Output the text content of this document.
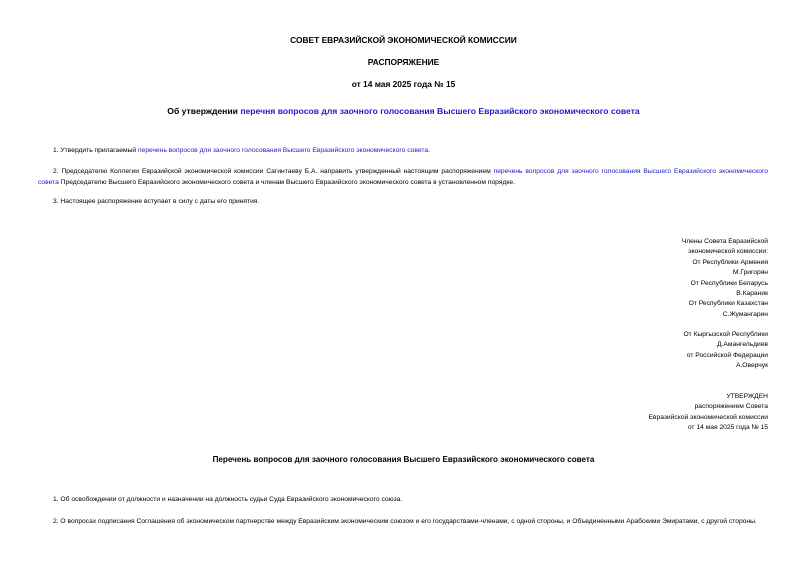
СОВЕТ ЕВРАЗИЙСКОЙ ЭКОНОМИЧЕСКОЙ КОМИССИИ
РАСПОРЯЖЕНИЕ
от 14 мая 2025 года № 15
Об утверждении перечня вопросов для заочного голосования Высшего Евразийского экономического совета
1. Утвердить прилагаемый перечень вопросов для заочного голосования Высшего Евразийского экономического совета.
2. Председателю Коллегии Евразийской экономической комиссии Сагинтаеву Б.А. направить утвержденный настоящим распоряжением перечень вопросов для заочного голосования Высшего Евразийского экономического совета Председателю Высшего Евразийского экономического совета и членам Высшего Евразийского экономического совета в установленном порядке.
3. Настоящее распоряжение вступает в силу с даты его принятия.
Члены Совета Евразийской
экономической комиссии:
От Республики Армения
М.Григорян
От Республики Беларусь
В.Караник
От Республики Казахстан
С.Жумангарин
От Кыргызской Республики
Д.Амангельдиев
от Российской Федерации
А.Оверчук
УТВЕРЖДЕН
распоряжением Совета
Евразийской экономической комиссии
от 14 мая 2025 года № 15
Перечень вопросов для заочного голосования Высшего Евразийского экономического совета
1. Об освобождении от должности и назначении на должность судьи Суда Евразийского экономического союза.
2. О вопросах подписания Соглашения об экономическом партнерстве между Евразийским экономическим союзом и его государствами-членами, с одной стороны, и Объединенными Арабскими Эмиратами, с другой стороны.
